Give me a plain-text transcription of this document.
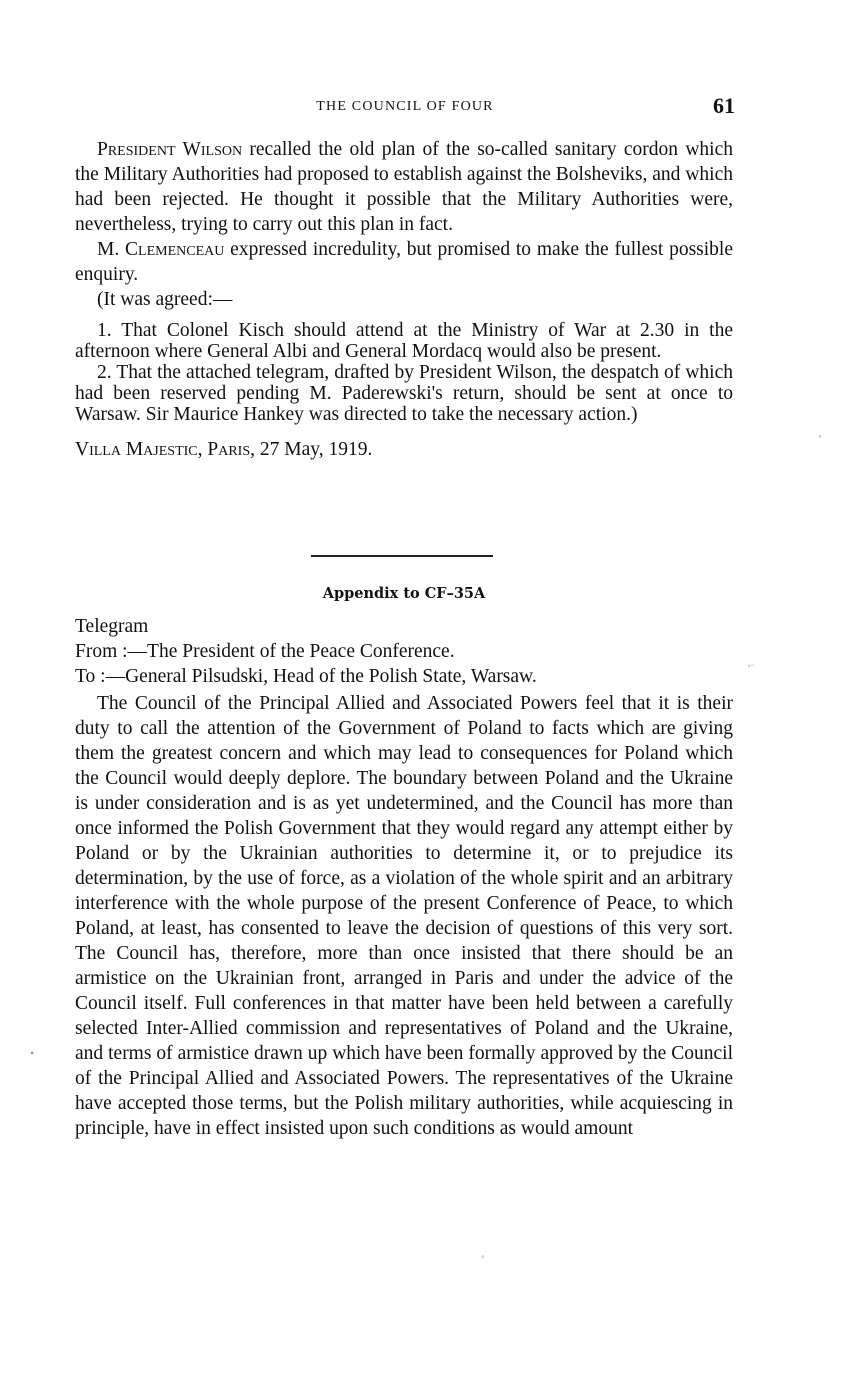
THE COUNCIL OF FOUR	61

President Wilson recalled the old plan of the so-called sanitary cordon which the Military Authorities had proposed to establish against the Bolsheviks, and which had been rejected. He thought it possible that the Military Authorities were, nevertheless, trying to carry out this plan in fact.

M. Clemenceau expressed incredulity, but promised to make the fullest possible enquiry.

(It was agreed:—

1. That Colonel Kisch should attend at the Ministry of War at 2.30 in the afternoon where General Albi and General Mordacq would also be present.

2. That the attached telegram, drafted by President Wilson, the despatch of which had been reserved pending M. Paderewski's return, should be sent at once to Warsaw. Sir Maurice Hankey was directed to take the necessary action.)

Villa Majestic, Paris, 27 May, 1919.

Appendix to CF–35A
Telegram
From :—The President of the Peace Conference.
To :—General Pilsudski, Head of the Polish State, Warsaw.

The Council of the Principal Allied and Associated Powers feel that it is their duty to call the attention of the Government of Poland to facts which are giving them the greatest concern and which may lead to consequences for Poland which the Council would deeply deplore. The boundary between Poland and the Ukraine is under consideration and is as yet undetermined, and the Council has more than once informed the Polish Government that they would regard any attempt either by Poland or by the Ukrainian authorities to determine it, or to prejudice its determination, by the use of force, as a violation of the whole spirit and an arbitrary interference with the whole purpose of the present Conference of Peace, to which Poland, at least, has consented to leave the decision of questions of this very sort. The Council has, therefore, more than once insisted that there should be an armistice on the Ukrainian front, arranged in Paris and under the advice of the Council itself. Full conferences in that matter have been held between a carefully selected Inter-Allied commission and representatives of Poland and the Ukraine, and terms of armistice drawn up which have been formally approved by the Council of the Principal Allied and Associated Powers. The representatives of the Ukraine have accepted those terms, but the Polish military authorities, while acquiescing in principle, have in effect insisted upon such conditions as would amount

ʼ
⌐
•
ʻ
